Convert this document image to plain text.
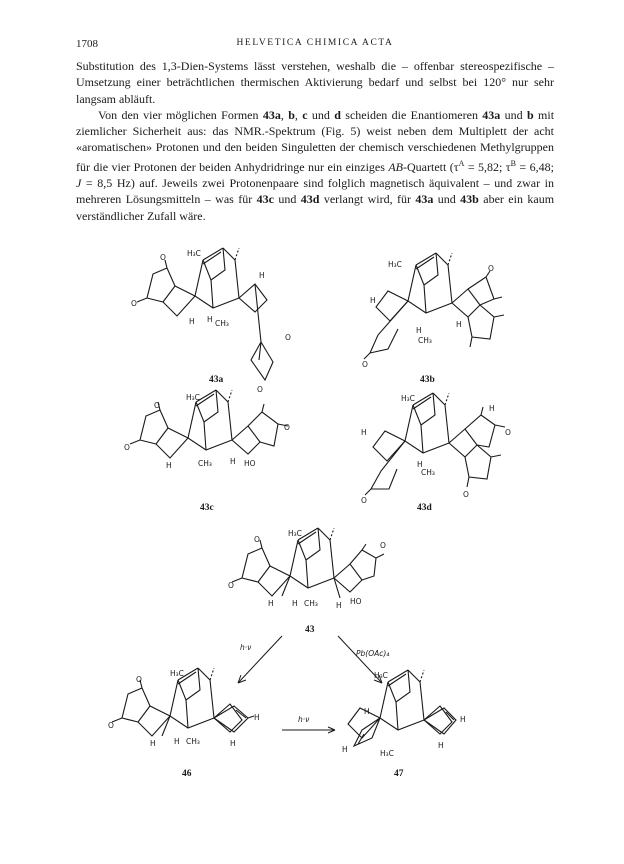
1708	HELVETICA CHIMICA ACTA

Substitution des 1,3-Dien-Systems lässt verstehen, weshalb die – offenbar stereospezifische – Umsetzung einer beträchtlichen thermischen Aktivierung bedarf und selbst bei 120° nur sehr langsam abläuft.

Von den vier möglichen Formen 43a, b, c und d scheiden die Enantiomeren 43a und b mit ziemlicher Sicherheit aus: das NMR.-Spektrum (Fig. 5) weist neben dem Multiplett der acht «aromatischen» Protonen und den beiden Singuletten der chemisch verschiedenen Methylgruppen für die vier Protonen der beiden Anhydridringe nur ein einziges AB-Quartett ($\tau^A = 5,82$; $\tau^B = 6,48$; J = 8,5 Hz) auf. Jeweils zwei Protonenpaare sind folglich magnetisch äquivalent – und zwar in mehreren Lösungsmitteln – was für 43c und 43d verlangt wird, für 43a und 43b aber ein kaum verständlicher Zufall wäre.

O
O
H₃C
H H CH₃
H
O
O
43a
H₃C
H
H
CH₃
H
O
O
43b
O
O
H₃C
H	CH₃ H HO
O
43c
H₃C
H
H
CH₃
H
O
O
O
43d
O
O
H₃C
H H CH₃ H HO
O
43
h·ν
Pb(OAc)₄
h·ν
O
O
H₃C
H H CH₃
H
H
46
H₃C
H
H	H₃C
H
H
47
